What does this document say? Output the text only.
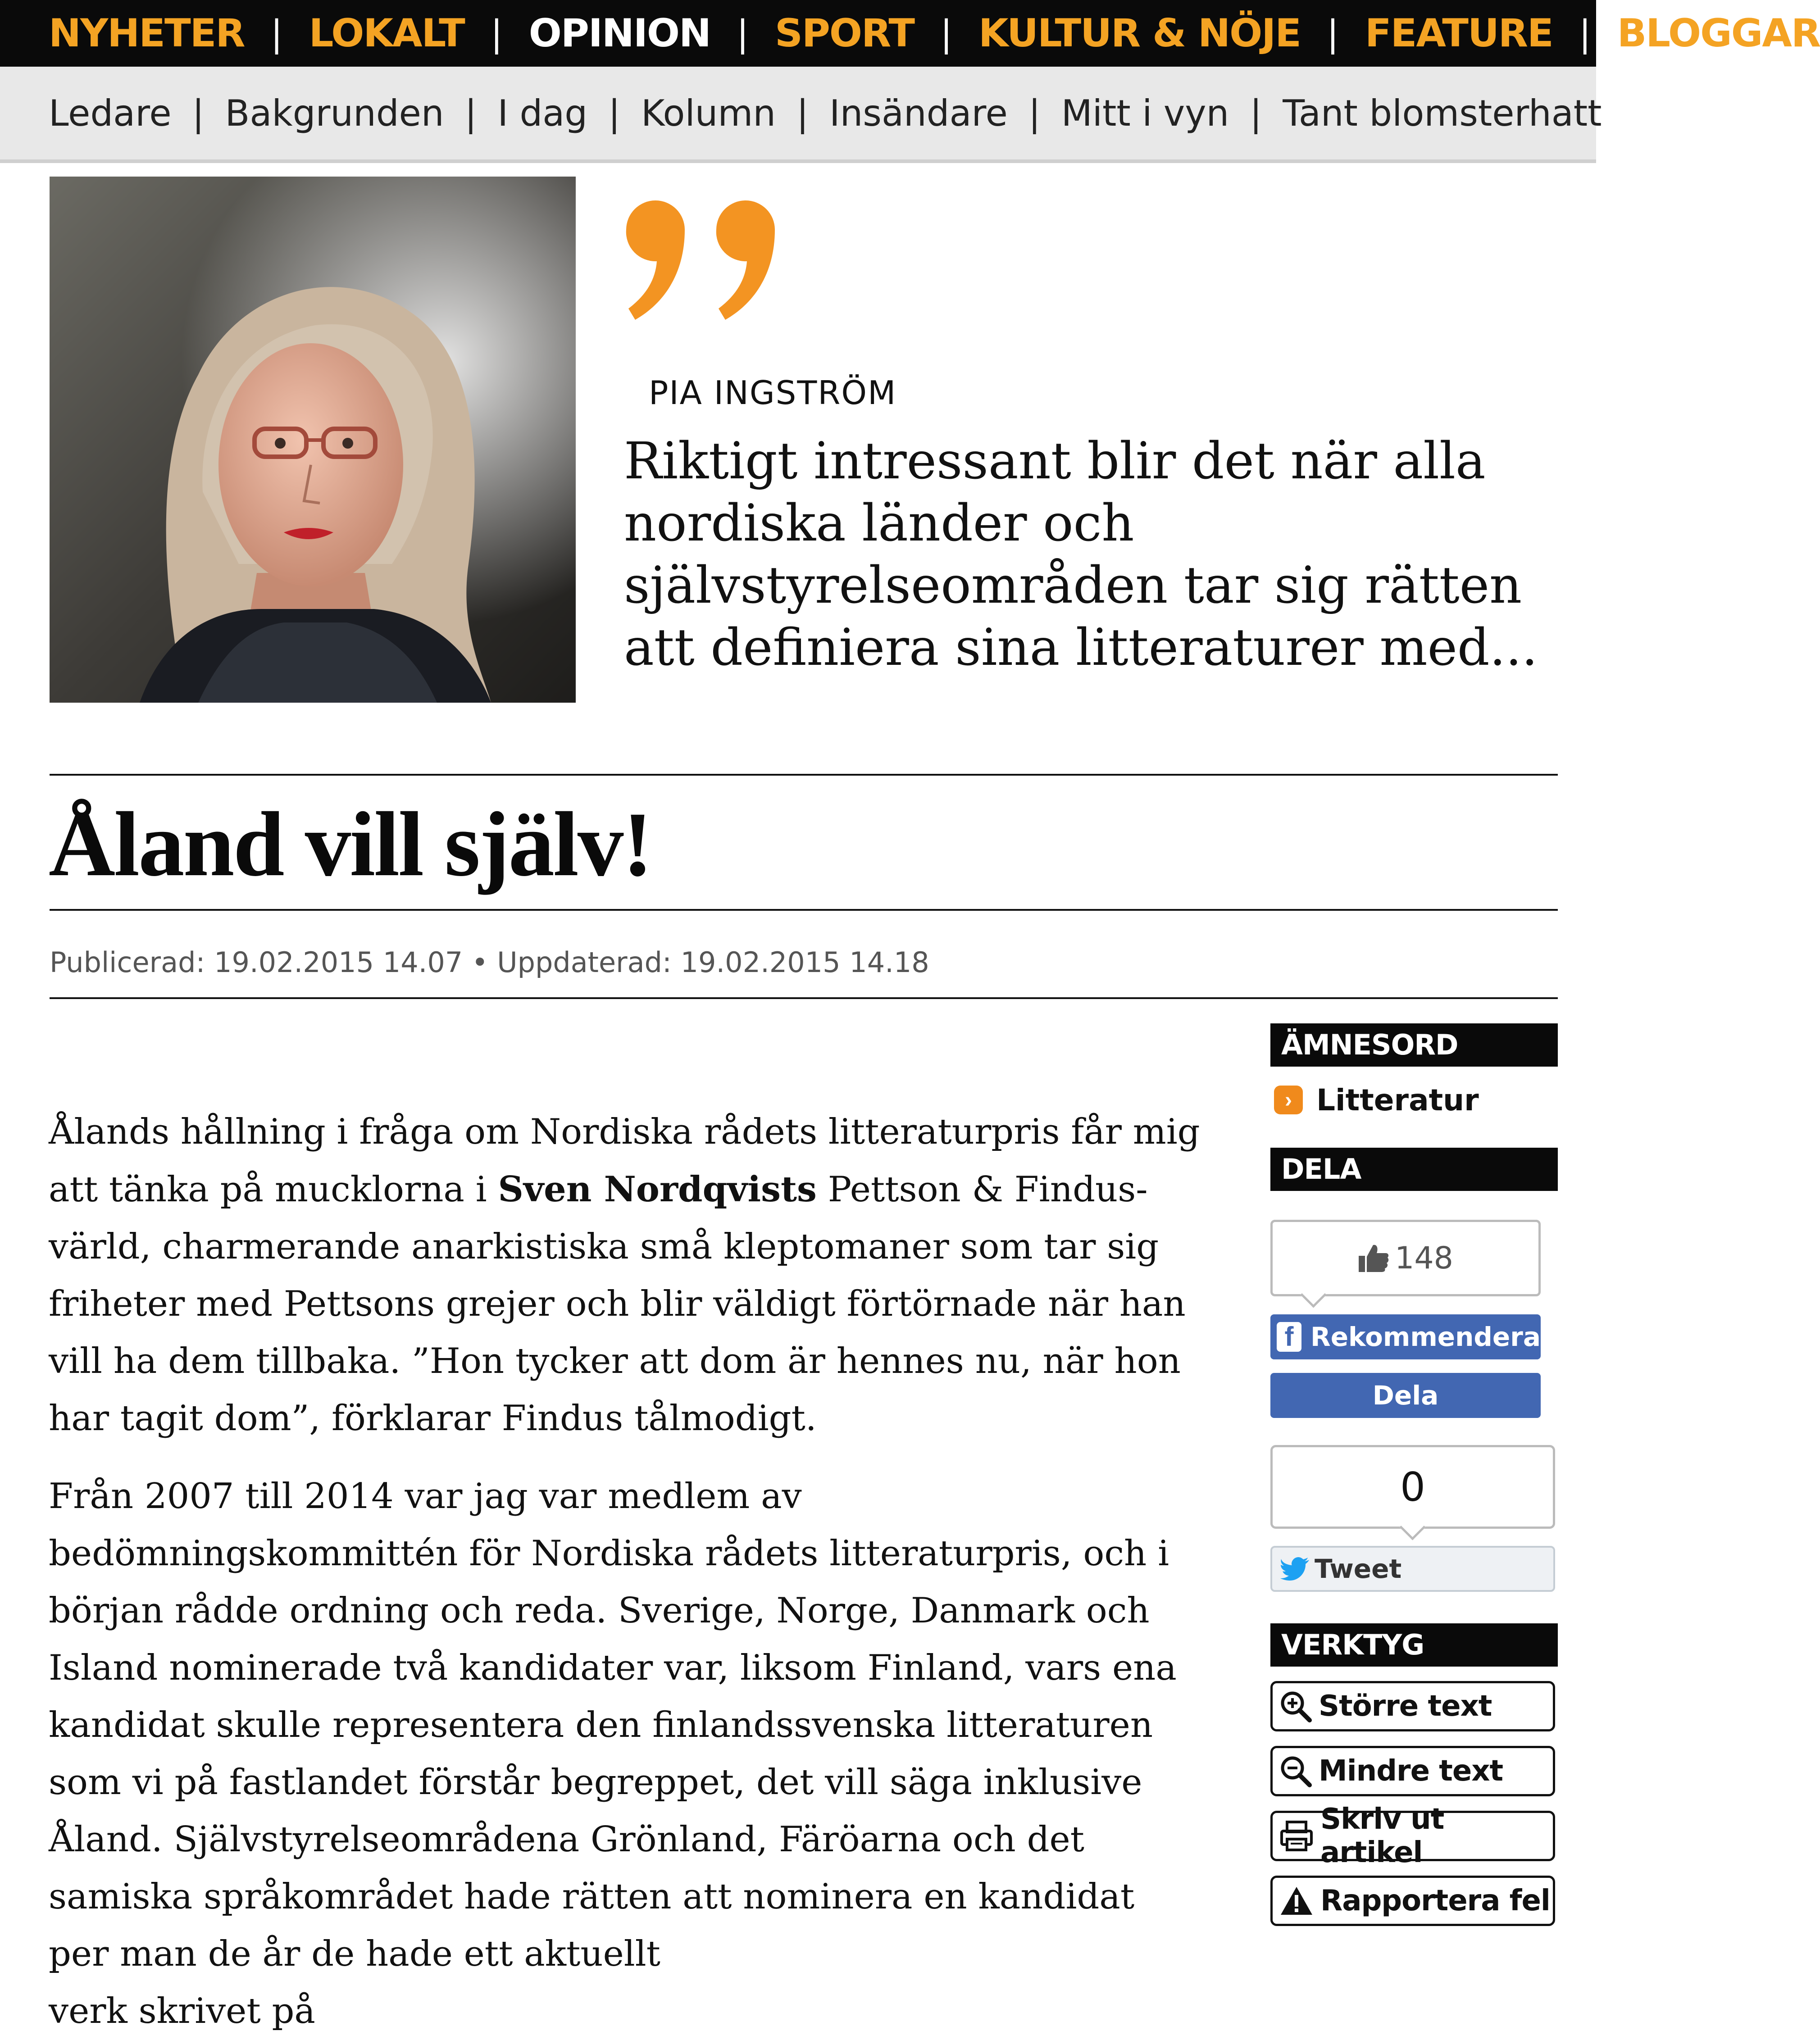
NYHETER | LOKALT | OPINION | SPORT | KULTUR & NÖJE | FEATURE | BLOGGAR
Ledare | Bakgrunden | I dag | Kolumn | Insändare | Mitt i vyn | Tant blomsterhatt
PIA INGSTRÖM
Riktigt intressant blir det när alla nordiska länder och självstyrelseområden tar sig rätten att definiera sina litteraturer med...
Åland vill själv!
Publicerad: 19.02.2015 14.07 • Uppdaterad: 19.02.2015 14.18

Ålands hållning i fråga om Nordiska rådets litteraturpris får mig att tänka på mucklorna i Sven Nordqvists Pettson & Findus-värld, charmerande anarkistiska små kleptomaner som tar sig friheter med Pettsons grejer och blir väldigt förtörnade när han vill ha dem tillbaka. ”Hon tycker att dom är hennes nu, när hon har tagit dom”, förklarar Findus tålmodigt.

Från 2007 till 2014 var jag var medlem av bedömningskommittén för Nordiska rådets litteraturpris, och i början rådde ordning och reda. Sverige, Norge, Danmark och Island nominerade två kandidater var, liksom Finland, vars ena kandidat skulle representera den finlandssvenska litteraturen som vi på fastlandet förstår begreppet, det vill säga inklusive Åland. Självstyrelseområdena Grönland, Färöarna och det samiska språkområdet hade rätten att nominera en kandidat per man de år de hade ett aktuellt

verk skrivet på
ÄMNESORD
› Litteratur
DELA
148
f Rekommendera
Dela
0
Tweet
VERKTYG
Större text
Mindre text
Skriv ut artikel
Rapportera fel
